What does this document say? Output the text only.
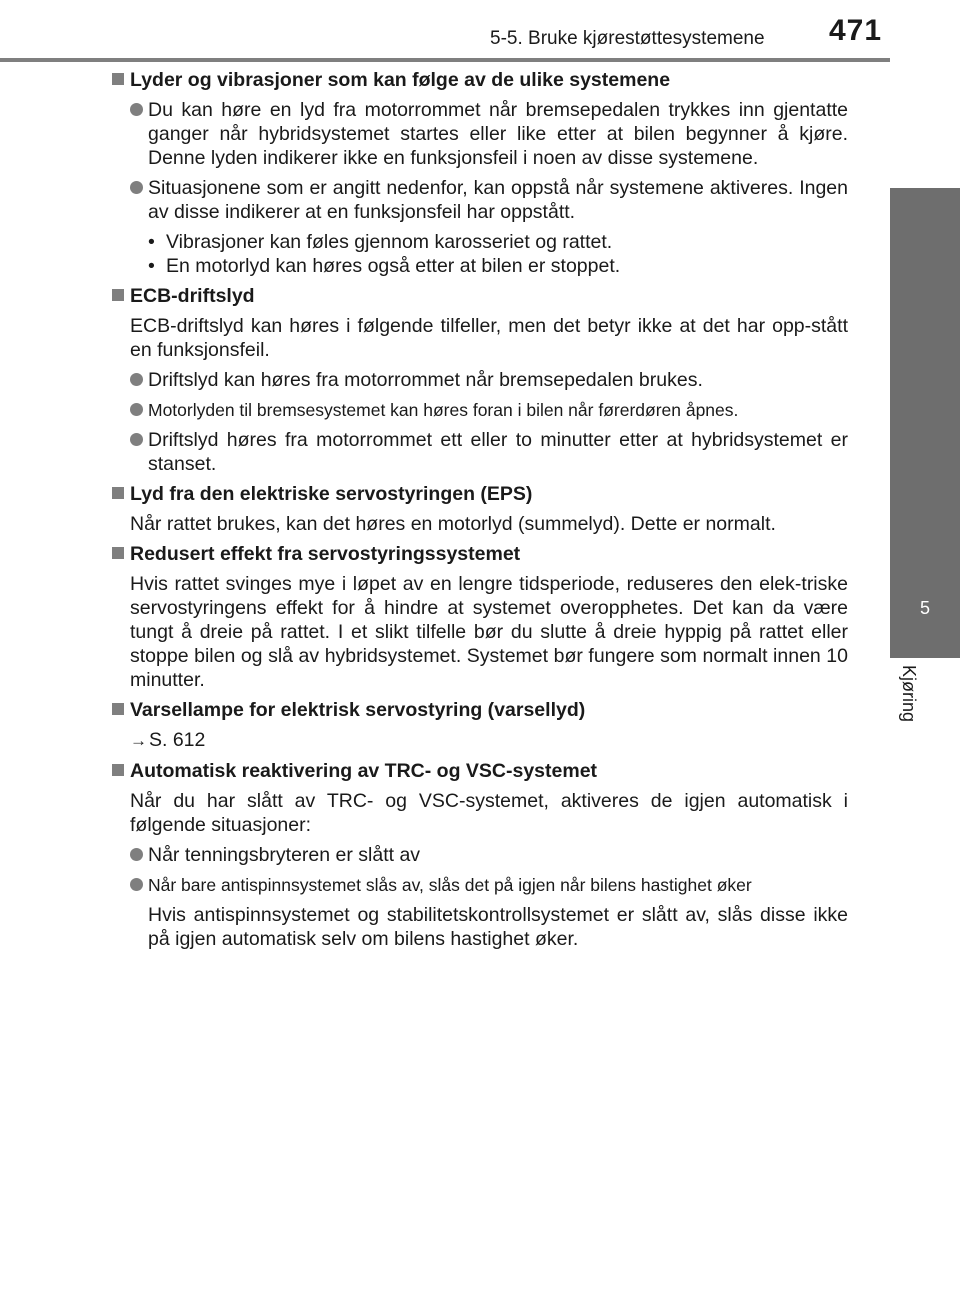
5-5. Bruke kjørestøttesystemene 471
5
Kjøring
Lyder og vibrasjoner som kan følge av de ulike systemene
Du kan høre en lyd fra motorrommet når bremsepedalen trykkes inn gjentatte ganger når hybridsystemet startes eller like etter at bilen begynner å kjøre. Denne lyden indikerer ikke en funksjonsfeil i noen av disse systemene.
Situasjonene som er angitt nedenfor, kan oppstå når systemene aktiveres. Ingen av disse indikerer at en funksjonsfeil har oppstått.
• Vibrasjoner kan føles gjennom karosseriet og rattet.
• En motorlyd kan høres også etter at bilen er stoppet.
ECB-driftslyd
ECB-driftslyd kan høres i følgende tilfeller, men det betyr ikke at det har opp-stått en funksjonsfeil.
Driftslyd kan høres fra motorrommet når bremsepedalen brukes.
Motorlyden til bremsesystemet kan høres foran i bilen når førerdøren åpnes.
Driftslyd høres fra motorrommet ett eller to minutter etter at hybridsystemet er stanset.
Lyd fra den elektriske servostyringen (EPS)
Når rattet brukes, kan det høres en motorlyd (summelyd). Dette er normalt.
Redusert effekt fra servostyringssystemet
Hvis rattet svinges mye i løpet av en lengre tidsperiode, reduseres den elek-triske servostyringens effekt for å hindre at systemet overopphetes. Det kan da være tungt å dreie på rattet. I et slikt tilfelle bør du slutte å dreie hyppig på rattet eller stoppe bilen og slå av hybridsystemet. Systemet bør fungere som normalt innen 10 minutter.
Varsellampe for elektrisk servostyring (varsellyd)
→ S. 612
Automatisk reaktivering av TRC- og VSC-systemet
Når du har slått av TRC- og VSC-systemet, aktiveres de igjen automatisk i følgende situasjoner:
Når tenningsbryteren er slått av
Når bare antispinnsystemet slås av, slås det på igjen når bilens hastighet øker
Hvis antispinnsystemet og stabilitetskontrollsystemet er slått av, slås disse ikke på igjen automatisk selv om bilens hastighet øker.
